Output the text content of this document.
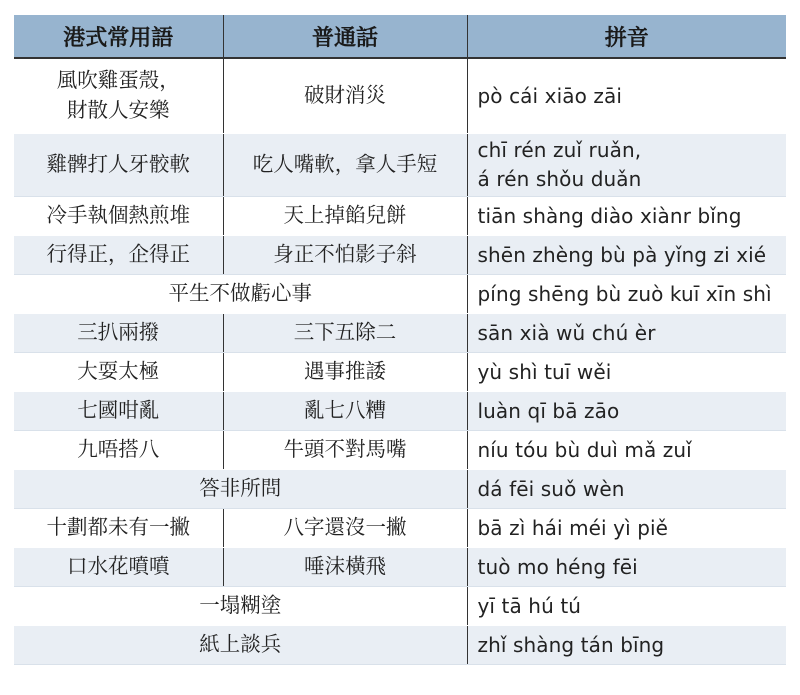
港式常用語	普通話	拼音
風吹雞蛋殼，
財散人安樂	破財消災	pò cái xiāo zāi
雞髀打人牙骹軟	吃人嘴軟，拿人手短	chī rén zuǐ ruǎn,
á rén shǒu duǎn
冷手執個熱煎堆	天上掉餡兒餅	tiān shàng diào xiànr bǐng
行得正，企得正	身正不怕影子斜	shēn zhèng bù pà yǐng zi xié
平生不做虧心事		píng shēng bù zuò kuī xīn shì
三扒兩撥	三下五除二	sān xià wǔ chú èr
大耍太極	遇事推諉	yù shì tuī wěi
七國咁亂	亂七八糟	luàn qī bā zāo
九唔搭八	牛頭不對馬嘴	níu tóu bù duì mǎ zuǐ
答非所問		dá fēi suǒ wèn
十劃都未有一撇	八字還沒一撇	bā zì hái méi yì piě
口水花噴噴	唾沫橫飛	tuò mo héng fēi
一塌糊塗		yī tā hú tú
紙上談兵		zhǐ shàng tán bīng
